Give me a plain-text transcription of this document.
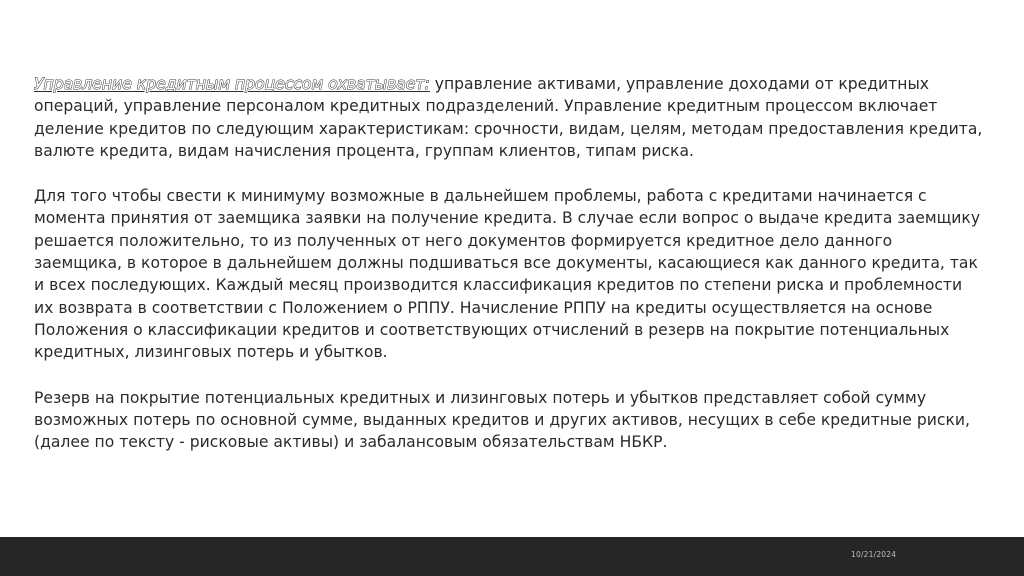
Управление кредитным процессом охватывает: управление активами, управление доходами от кредитных операций, управление персоналом кредитных подразделений. Управление кредитным процессом включает деление кредитов по следующим характеристикам: срочности, видам, целям, методам предоставления кредита, валюте кредита, видам начисления процента, группам клиентов, типам риска.

Для того чтобы свести к минимуму возможные в дальнейшем проблемы, работа с кредитами начинается с момента принятия от заемщика заявки на получение кредита. В случае если вопрос о выдаче кредита заемщику решается положительно, то из полученных от него документов формируется кредитное дело данного заемщика, в которое в дальнейшем должны подшиваться все документы, касающиеся как данного кредита, так и всех последующих. Каждый месяц производится классификация кредитов по степени риска и проблемности их возврата в соответствии с Положением о РППУ. Начисление РППУ на кредиты осуществляется на основе Положения о классификации кредитов и соответствующих отчислений в резерв на покрытие потенциальных кредитных, лизинговых потерь и убытков.

Резерв на покрытие потенциальных кредитных и лизинговых потерь и убытков представляет собой сумму возможных потерь по основной сумме, выданных кредитов и других активов, несущих в себе кредитные риски, (далее по тексту - рисковые активы) и забалансовым обязательствам НБКР.

10/21/2024
